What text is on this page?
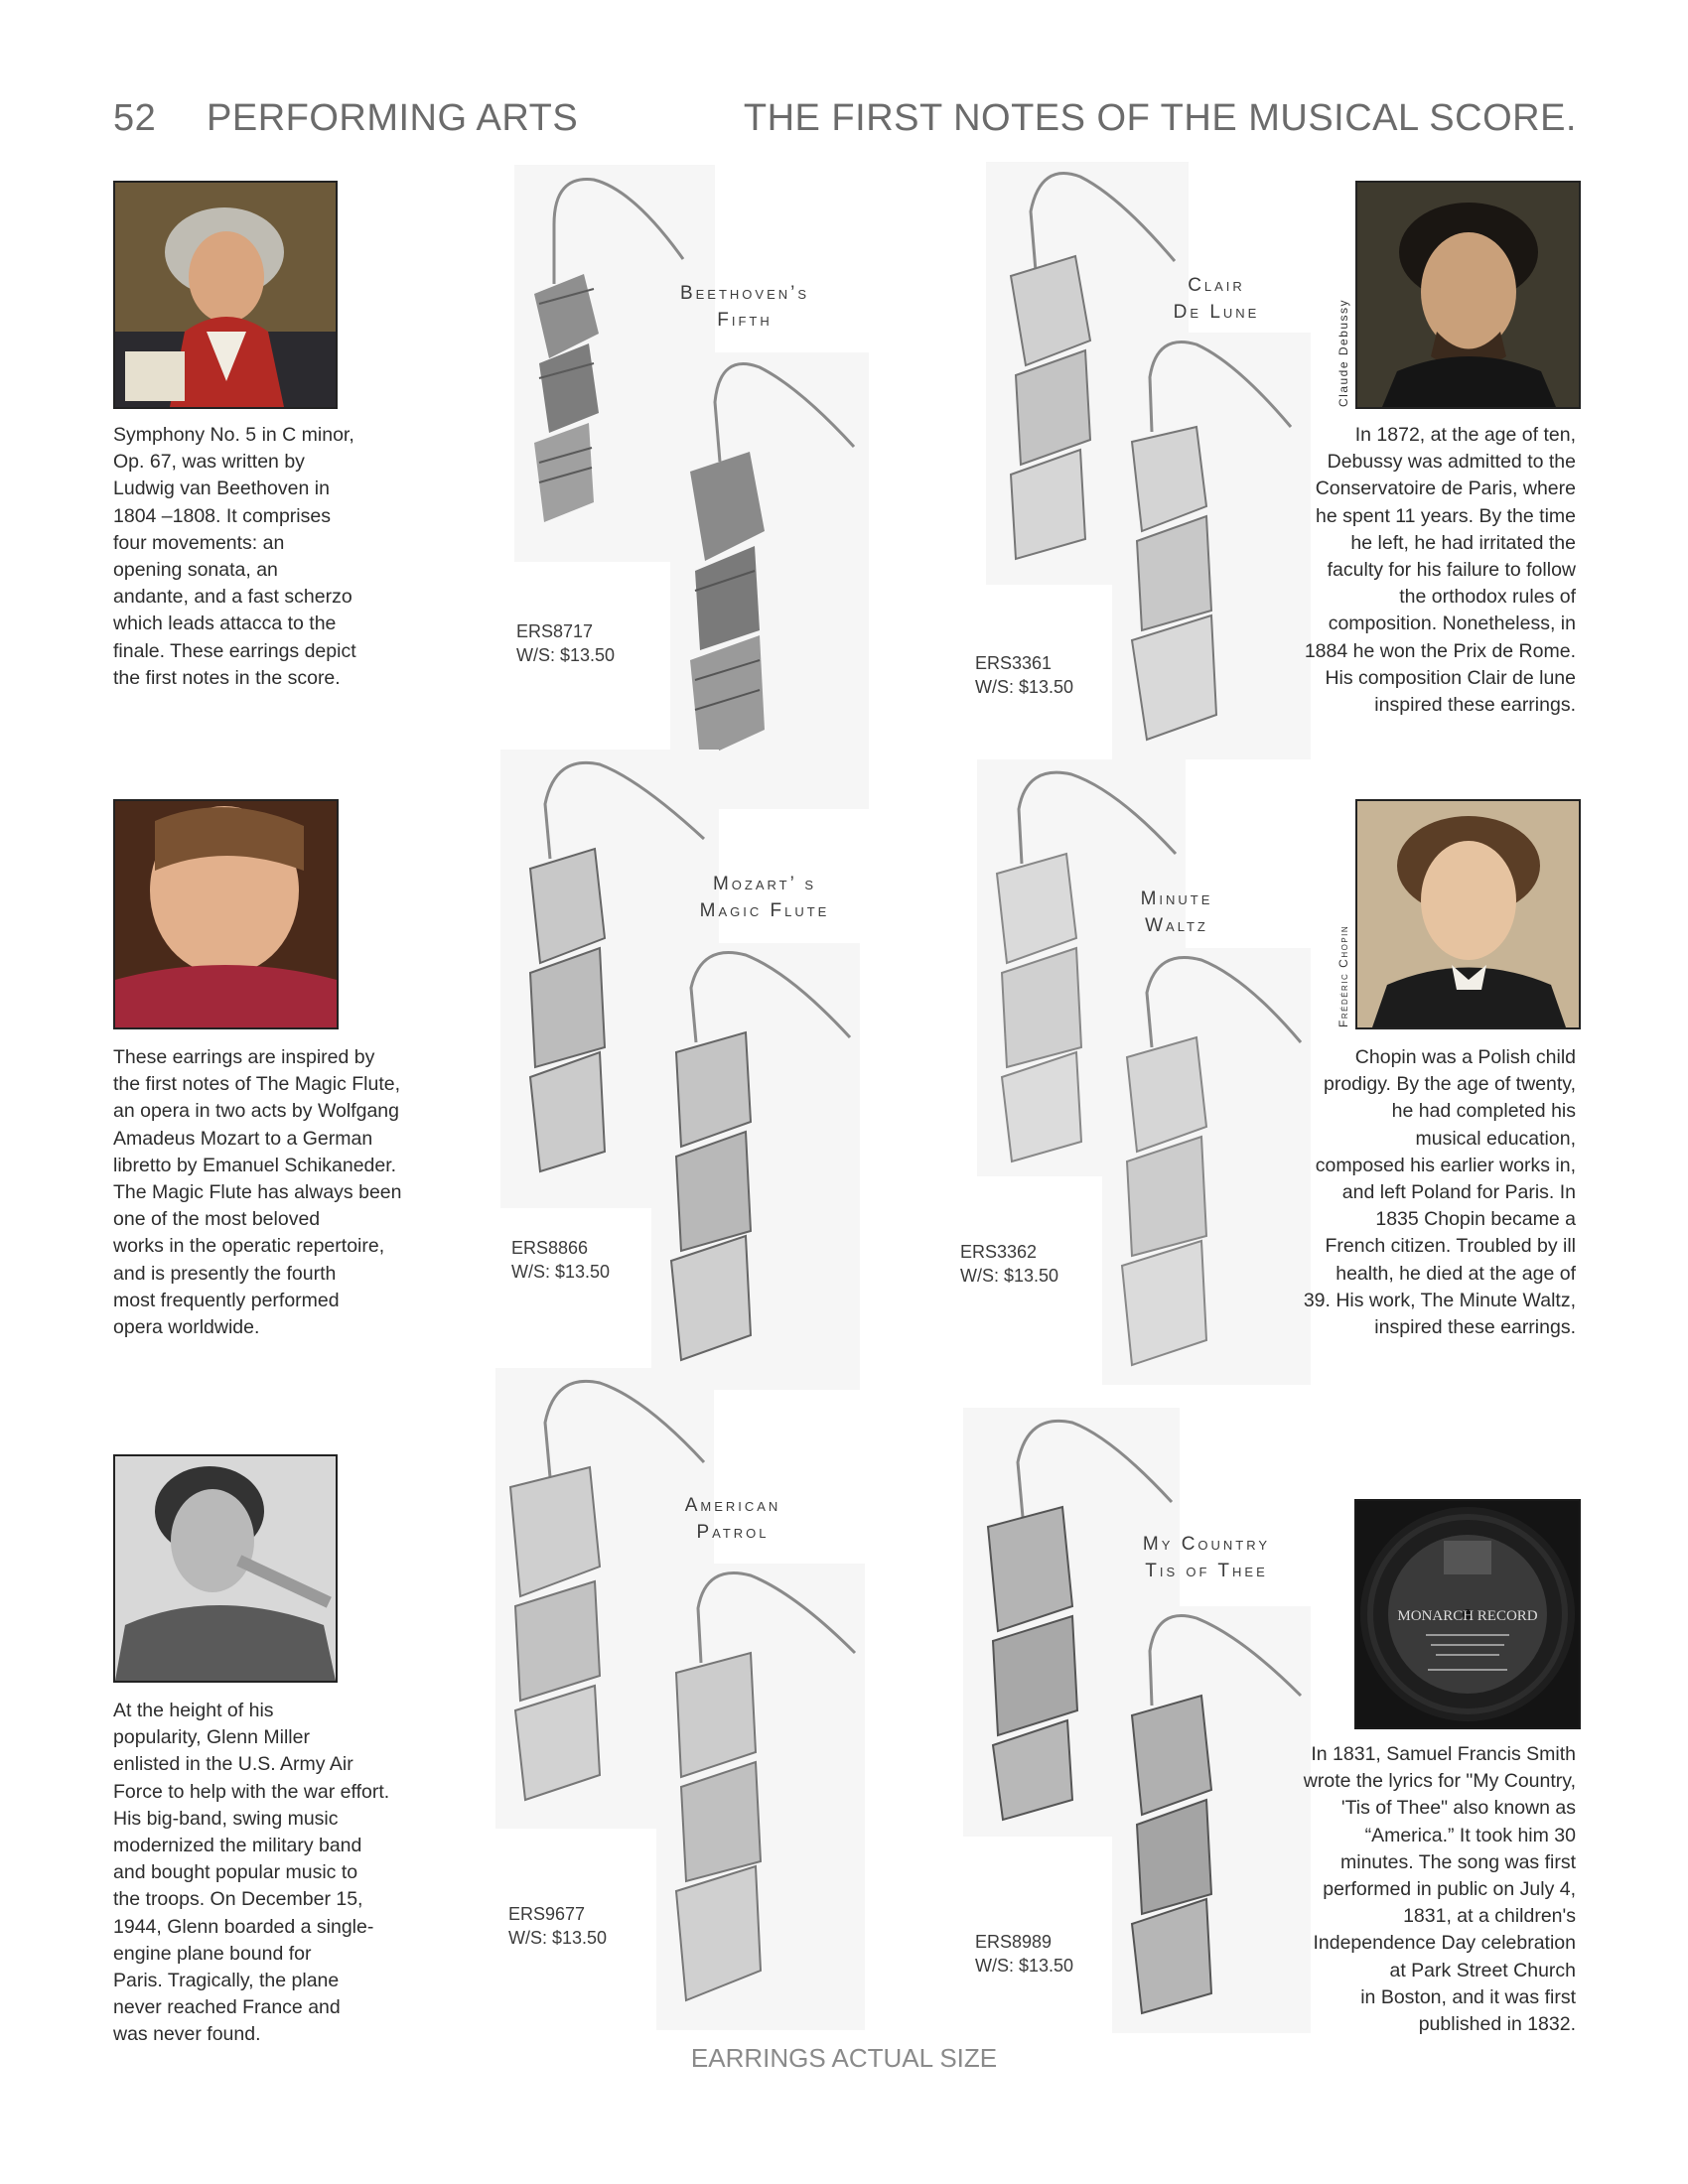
52 PERFORMING ARTS	THE FIRST NOTES OF THE MUSICAL SCORE.
Symphony No. 5 in C minor,
Op. 67, was written by
Ludwig van Beethoven in
1804 –1808. It comprises
four movements: an
opening sonata, an
andante, and a fast scherzo
which leads attacca to the
finale. These earrings depict
the first notes in the score.
Beethoven’s
Fifth
ERS8717
W/S: $13.50
Clair
De Lune
ERS3361
W/S: $13.50
Claude Debussy
In 1872, at the age of ten,
Debussy was admitted to the
Conservatoire de Paris, where
he spent 11 years. By the time
he left, he had irritated the
faculty for his failure to follow
the orthodox rules of
composition. Nonetheless, in
1884 he won the Prix de Rome.
His composition Clair de lune
inspired these earrings.
These earrings are inspired by
the first notes of The Magic Flute,
an opera in two acts by Wolfgang
Amadeus Mozart to a German
libretto by Emanuel Schikaneder.
The Magic Flute has always been
one of the most beloved
works in the operatic repertoire,
and is presently the fourth
most frequently performed
opera worldwide.
Mozart’ s
Magic Flute
ERS8866
W/S: $13.50
Minute
Waltz
ERS3362
W/S: $13.50
Frédéric Chopin
Chopin was a Polish child
prodigy. By the age of twenty,
he had completed his
musical education,
composed his earlier works in,
and left Poland for Paris. In
1835 Chopin became a
French citizen. Troubled by ill
health, he died at the age of
39. His work, The Minute Waltz,
inspired these earrings.
At the height of his
popularity, Glenn Miller
enlisted in the U.S. Army Air
Force to help with the war effort.
His big-band, swing music
modernized the military band
and bought popular music to
the troops. On December 15,
1944, Glenn boarded a single-
engine plane bound for
Paris. Tragically, the plane
never reached France and
was never found.
American
Patrol
ERS9677
W/S: $13.50
My Country
Tis of Thee
ERS8989
W/S: $13.50
MONARCH RECORD
In 1831, Samuel Francis Smith
wrote the lyrics for "My Country,
'Tis of Thee" also known as
“America.” It took him 30
minutes. The song was first
performed in public on July 4,
1831, at a children's
Independence Day celebration
at Park Street Church
in Boston, and it was first
published in 1832.
EARRINGS ACTUAL SIZE
